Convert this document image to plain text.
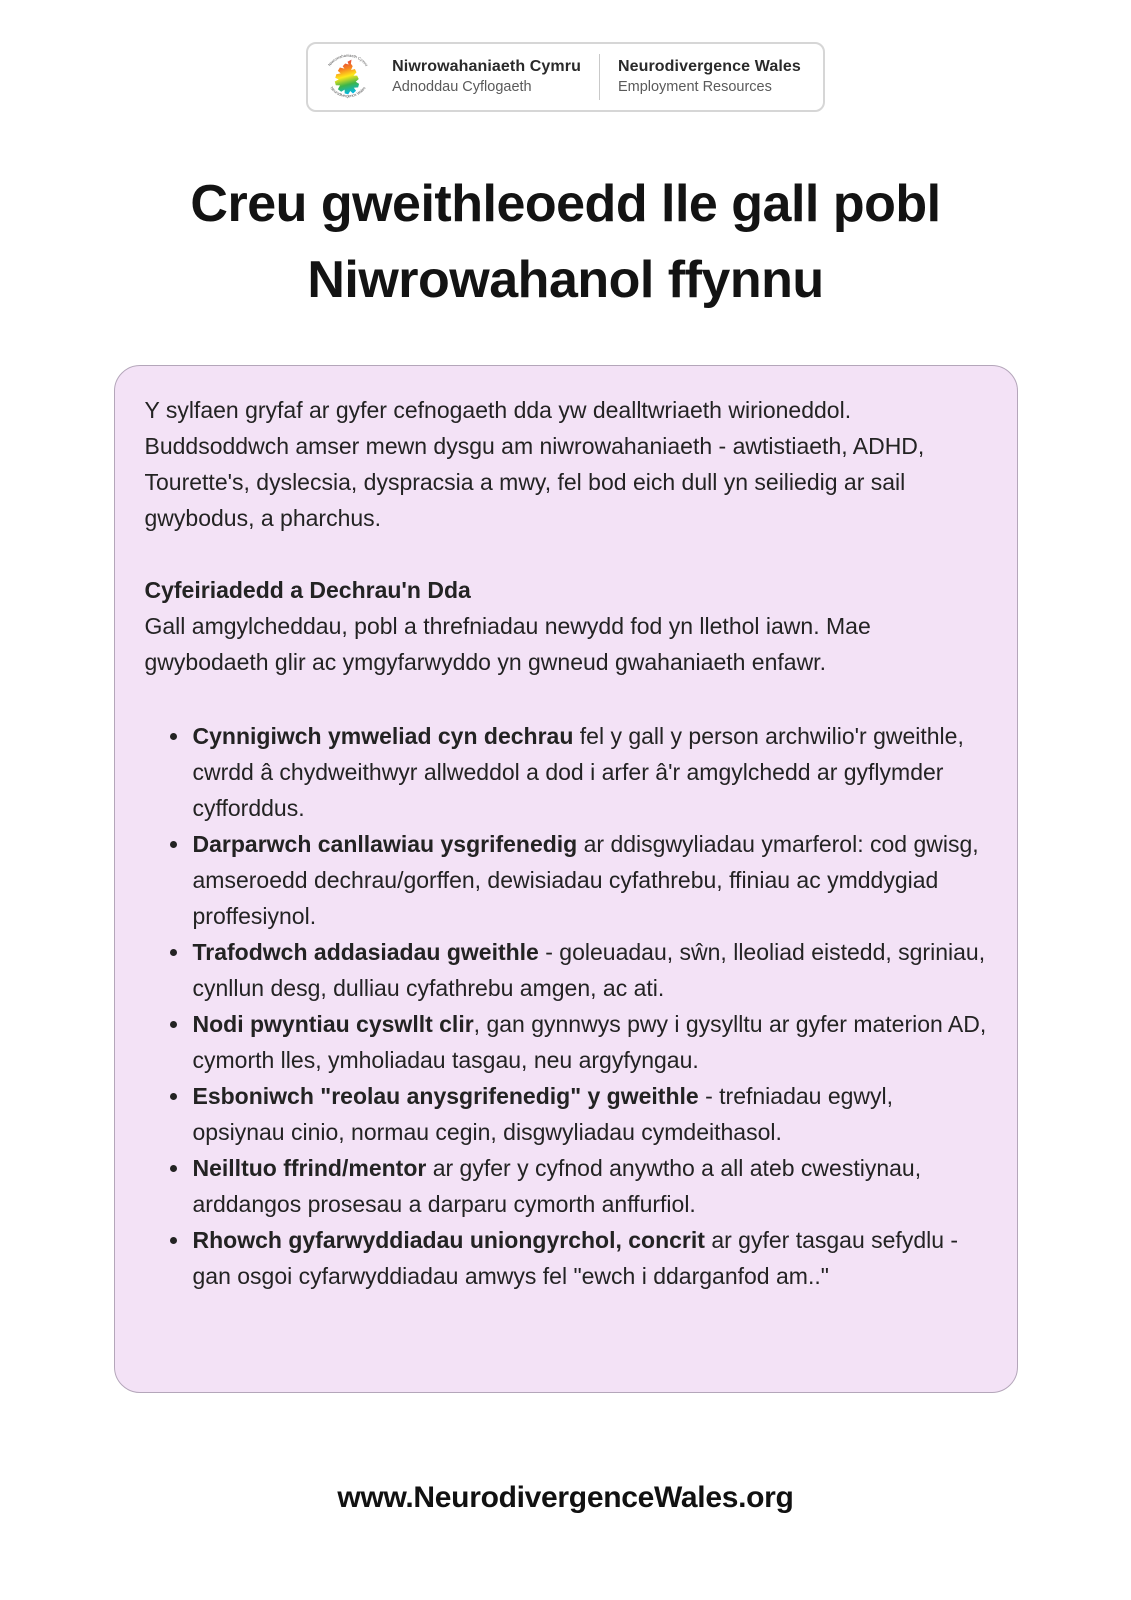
Niwrowahaniaeth Cymru
Neurodivergence Wales
Niwrowahaniaeth Cymru
Adnoddau Cyflogaeth
Neurodivergence Wales
Employment Resources
Creu gweithleoedd lle gall pobl Niwrowahanol ffynnu

Y sylfaen gryfaf ar gyfer cefnogaeth dda yw dealltwriaeth wirioneddol. Buddsoddwch amser mewn dysgu am niwrowahaniaeth - awtistiaeth, ADHD, Tourette's, dyslecsia, dyspracsia a mwy, fel bod eich dull yn seiliedig ar sail gwybodus, a pharchus.

Cyfeiriadedd a Dechrau'n Dda

Gall amgylcheddau, pobl a threfniadau newydd fod yn llethol iawn. Mae gwybodaeth glir ac ymgyfarwyddo yn gwneud gwahaniaeth enfawr.

• Cynnigiwch ymweliad cyn dechrau fel y gall y person archwilio'r gweithle, cwrdd â chydweithwyr allweddol a dod i arfer â'r amgylchedd ar gyflymder cyfforddus.
• Darparwch canllawiau ysgrifenedig ar ddisgwyliadau ymarferol: cod gwisg, amseroedd dechrau/gorffen, dewisiadau cyfathrebu, ffiniau ac ymddygiad proffesiynol.
• Trafodwch addasiadau gweithle - goleuadau, sŵn, lleoliad eistedd, sgriniau, cynllun desg, dulliau cyfathrebu amgen, ac ati.
• Nodi pwyntiau cyswllt clir, gan gynnwys pwy i gysylltu ar gyfer materion AD, cymorth lles, ymholiadau tasgau, neu argyfyngau.
• Esboniwch "reolau anysgrifenedig" y gweithle - trefniadau egwyl, opsiynau cinio, normau cegin, disgwyliadau cymdeithasol.
• Neilltuo ffrind/mentor ar gyfer y cyfnod anywtho a all ateb cwestiynau, arddangos prosesau a darparu cymorth anffurfiol.
• Rhowch gyfarwyddiadau uniongyrchol, concrit ar gyfer tasgau sefydlu - gan osgoi cyfarwyddiadau amwys fel "ewch i ddarganfod am.."
www.NeurodivergenceWales.org
